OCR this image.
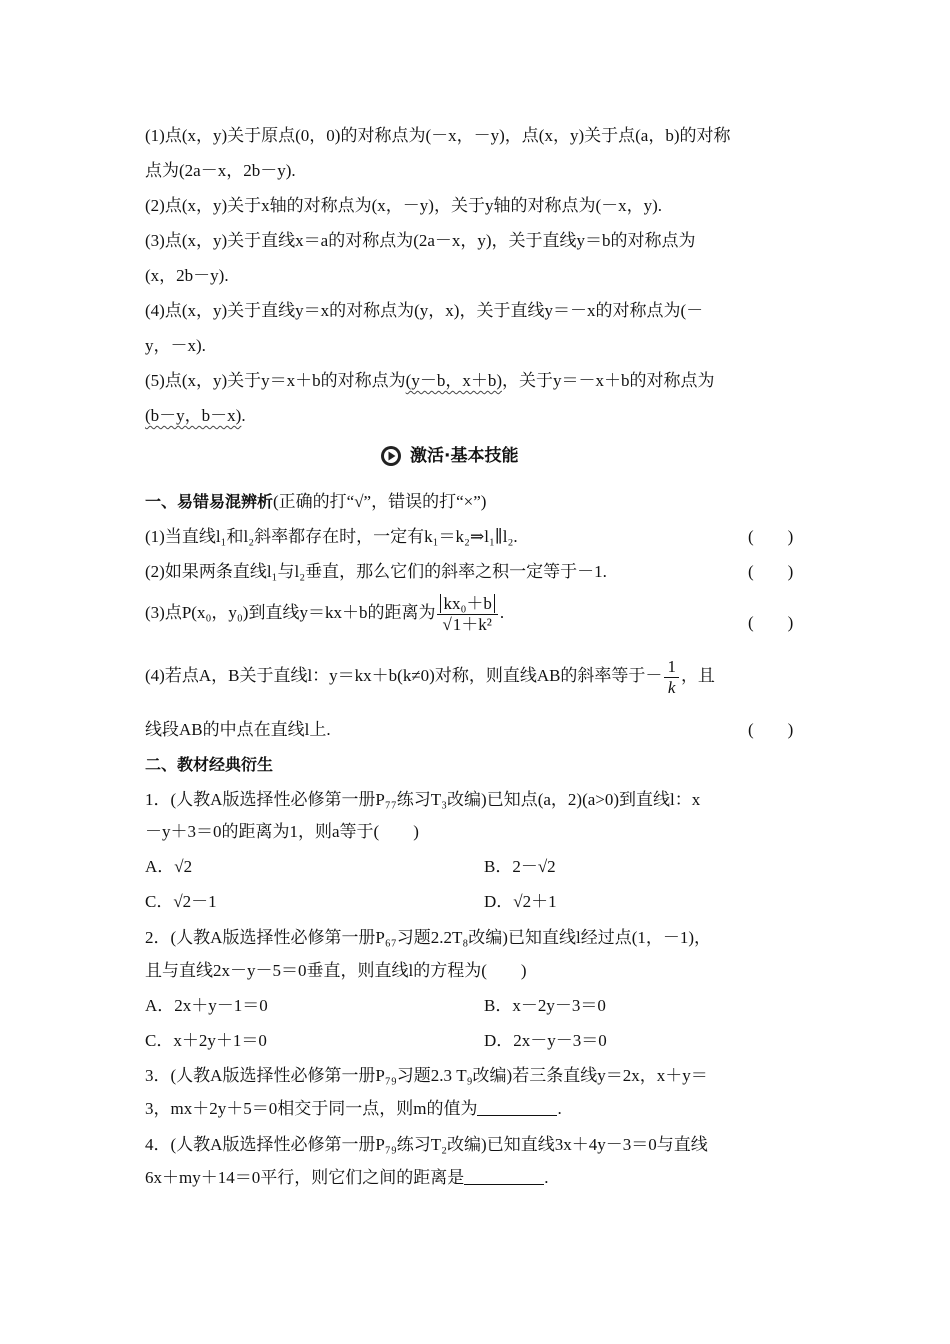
(1)点(x，y)关于原点(0，0)的对称点为(－x，－y)，点(x，y)关于点(a，b)的对称
点为(2a－x，2b－y).
(2)点(x，y)关于x轴的对称点为(x，－y)，关于y轴的对称点为(－x，y).
(3)点(x，y)关于直线x＝a的对称点为(2a－x，y)，关于直线y＝b的对称点为
(x，2b－y).
(4)点(x，y)关于直线y＝x的对称点为(y，x)，关于直线y＝－x的对称点为(－
y，－x).
(5)点(x，y)关于y＝x＋b的对称点为(y－b，x＋b)，关于y＝－x＋b的对称点为
(b－y，b－x).
激活·基本技能
一、易错易混辨析(正确的打“√”，错误的打“×”)
(1)当直线l₁和l₂斜率都存在时，一定有k₁＝k₂⇒l₁∥l₂.	(　　)
(2)如果两条直线l₁与l₂垂直，那么它们的斜率之积一定等于－1.	(　　)
(3)点P(x₀，y₀)到直线y＝kx＋b的距离为 $\frac{\text{kx₀＋b}}{\text{√1＋k²}}$ .
(　　)
(4)若点A，B关于直线l：y＝kx＋b(k≠0)对称，则直线AB的斜率等于－ $\frac{1}{k}$ ，且
线段AB的中点在直线l上.	(　　)
二、教材经典衍生
1．(人教A版选择性必修第一册P₇₇练习T₃改编)已知点(a，2)(a>0)到直线l：x
－y＋3＝0的距离为1，则a等于(　　)
A．√2	B．2－√2
C．√2－1	D．√2＋1
2．(人教A版选择性必修第一册P₆₇习题2.2T₈改编)已知直线l经过点(1，－1)，
且与直线2x－y－5＝0垂直，则直线l的方程为(　　)
A．2x＋y－1＝0	B．x－2y－3＝0
C．x＋2y＋1＝0	D．2x－y－3＝0
3．(人教A版选择性必修第一册P₇₉习题2.3 T₉改编)若三条直线y＝2x，x＋y＝
3，mx＋2y＋5＝0相交于同一点，则m的值为	.
4．(人教A版选择性必修第一册P₇₉练习T₂改编)已知直线3x＋4y－3＝0与直线
6x＋my＋14＝0平行，则它们之间的距离是	.
